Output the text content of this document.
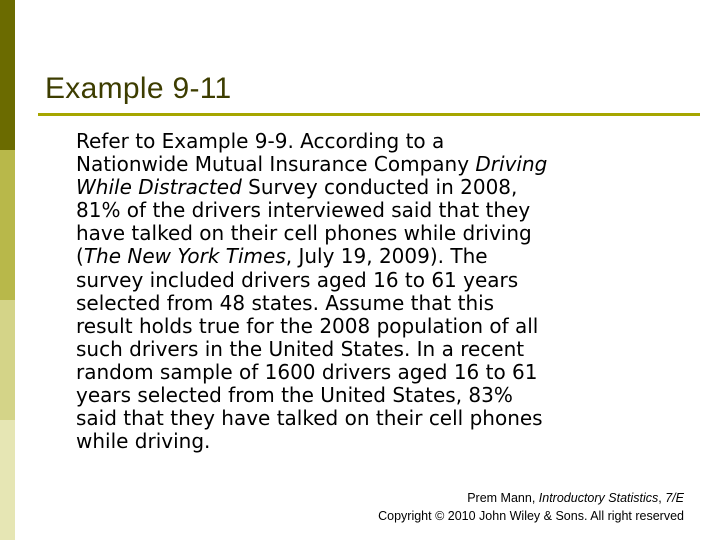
Example 9-11
Refer to Example 9-9. According to a
Nationwide Mutual Insurance Company Driving
While Distracted Survey conducted in 2008,
81% of the drivers interviewed said that they
have talked on their cell phones while driving
(The New York Times, July 19, 2009). The
survey included drivers aged 16 to 61 years
selected from 48 states. Assume that this
result holds true for the 2008 population of all
such drivers in the United States. In a recent
random sample of 1600 drivers aged 16 to 61
years selected from the United States, 83%
said that they have talked on their cell phones
while driving.
Prem Mann, Introductory Statistics, 7/E
Copyright © 2010 John Wiley & Sons. All right reserved
